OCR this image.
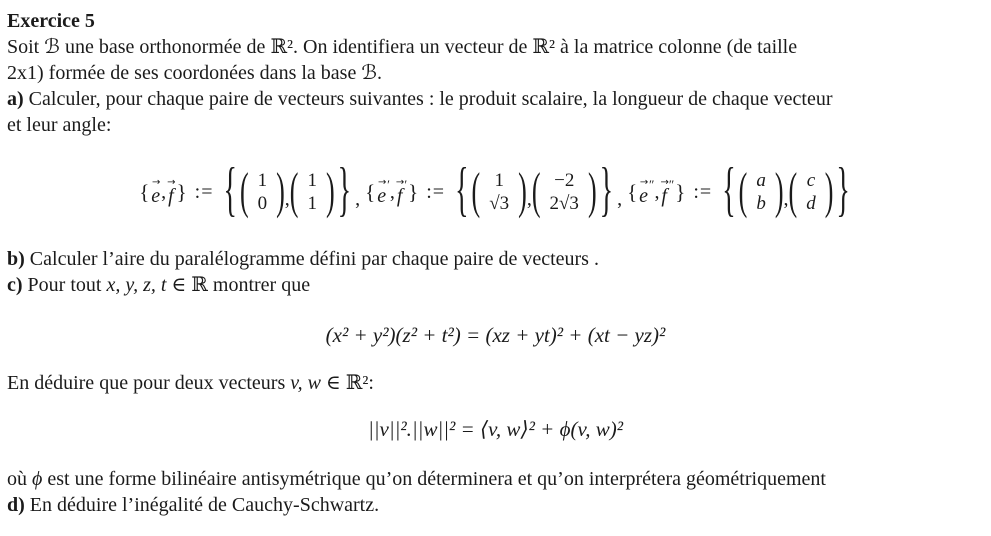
Exercice 5
Soit ℬ une base orthonormée de ℝ². On identifiera un vecteur de ℝ² à la matrice colonne (de taille
2x1) formée de ses coordonées dans la base ℬ.
a) Calculer, pour chaque paire de vecteurs suivantes : le produit scalaire, la longueur de chaque vecteur
et leur angle:
{ →
e , →
f } := { ( 1
0 ) , ( 1
1 ) } , { →
e ′ , →
f ′ } := { ( 1
√3 ) , ( −2
2√3 ) } , { →
e ″ , →
f ″ } := { ( a
b ) , ( c
d ) }
b) Calculer l’aire du paralélogramme défini par chaque paire de vecteurs .
c) Pour tout x, y, z, t ∈ ℝ montrer que
(x² + y²)(z² + t²) = (xz + yt)² + (xt − yz)²
En déduire que pour deux vecteurs v, w ∈ ℝ²:
||v||².||w||² = ⟨v, w⟩² + ϕ(v, w)²
où ϕ est une forme bilinéaire antisymétrique qu’on déterminera et qu’on interprétera géométriquement
d) En déduire l’inégalité de Cauchy-Schwartz.
